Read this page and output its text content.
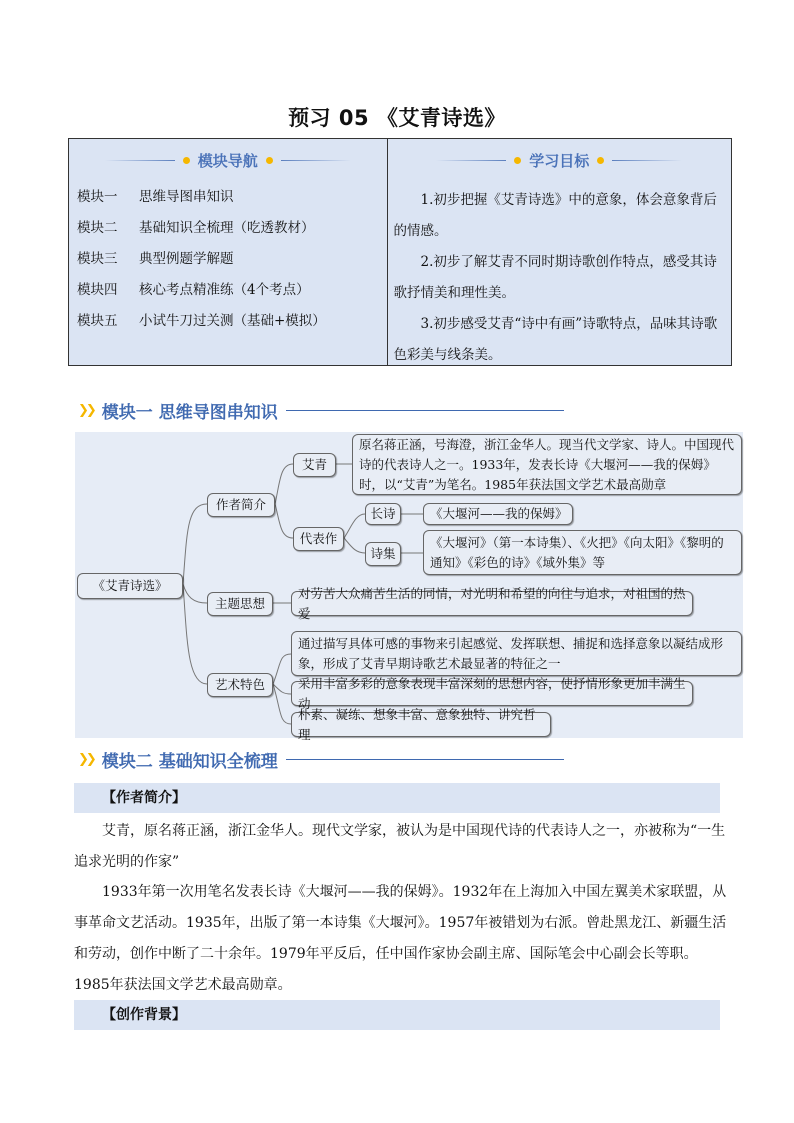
预习 05 《艾青诗选》
模块导航
模块一 思维导图串知识
模块二 基础知识全梳理（吃透教材）
模块三 典型例题学解题
模块四 核心考点精准练（4个考点）
模块五 小试牛刀过关测（基础+模拟）
学习目标

1.初步把握《艾青诗选》中的意象，体会意象背后的情感。

2.初步了解艾青不同时期诗歌创作特点，感受其诗歌抒情美和理性美。

3.初步感受艾青“诗中有画”诗歌特点，品味其诗歌色彩美与线条美。

❯❯ 模块一 思维导图串知识
《艾青诗选》
作者简介
艾青
原名蒋正涵，号海澄，浙江金华人。现当代文学家、诗人。中国现代诗的代表诗人之一。1933年，发表长诗《大堰河——我的保姆》时，以“艾青”为笔名。1985年获法国文学艺术最高勋章
代表作
长诗	《大堰河——我的保姆》
诗集
《大堰河》（第一本诗集）、《火把》《向太阳》《黎明的通知》《彩色的诗》《域外集》等
主题思想
对劳苦大众痛苦生活的同情，对光明和希望的向往与追求，对祖国的热爱
艺术特色
通过描写具体可感的事物来引起感觉、发挥联想、捕捉和选择意象以凝结成形象，形成了艾青早期诗歌艺术最显著的特征之一
采用丰富多彩的意象表现丰富深刻的思想内容，使抒情形象更加丰满生动
朴素、凝练、想象丰富、意象独特、讲究哲理
❯❯ 模块二 基础知识全梳理
【作者简介】

艾青，原名蒋正涵，浙江金华人。现代文学家，被认为是中国现代诗的代表诗人之一，亦被称为“一生追求光明的作家”

1933年第一次用笔名发表长诗《大堰河——我的保姆》。1932年在上海加入中国左翼美术家联盟，从事革命文艺活动。1935年，出版了第一本诗集《大堰河》。1957年被错划为右派。曾赴黑龙江、新疆生活和劳动，创作中断了二十余年。1979年平反后，任中国作家协会副主席、国际笔会中心副会长等职。1985年获法国文学艺术最高勋章。

【创作背景】
